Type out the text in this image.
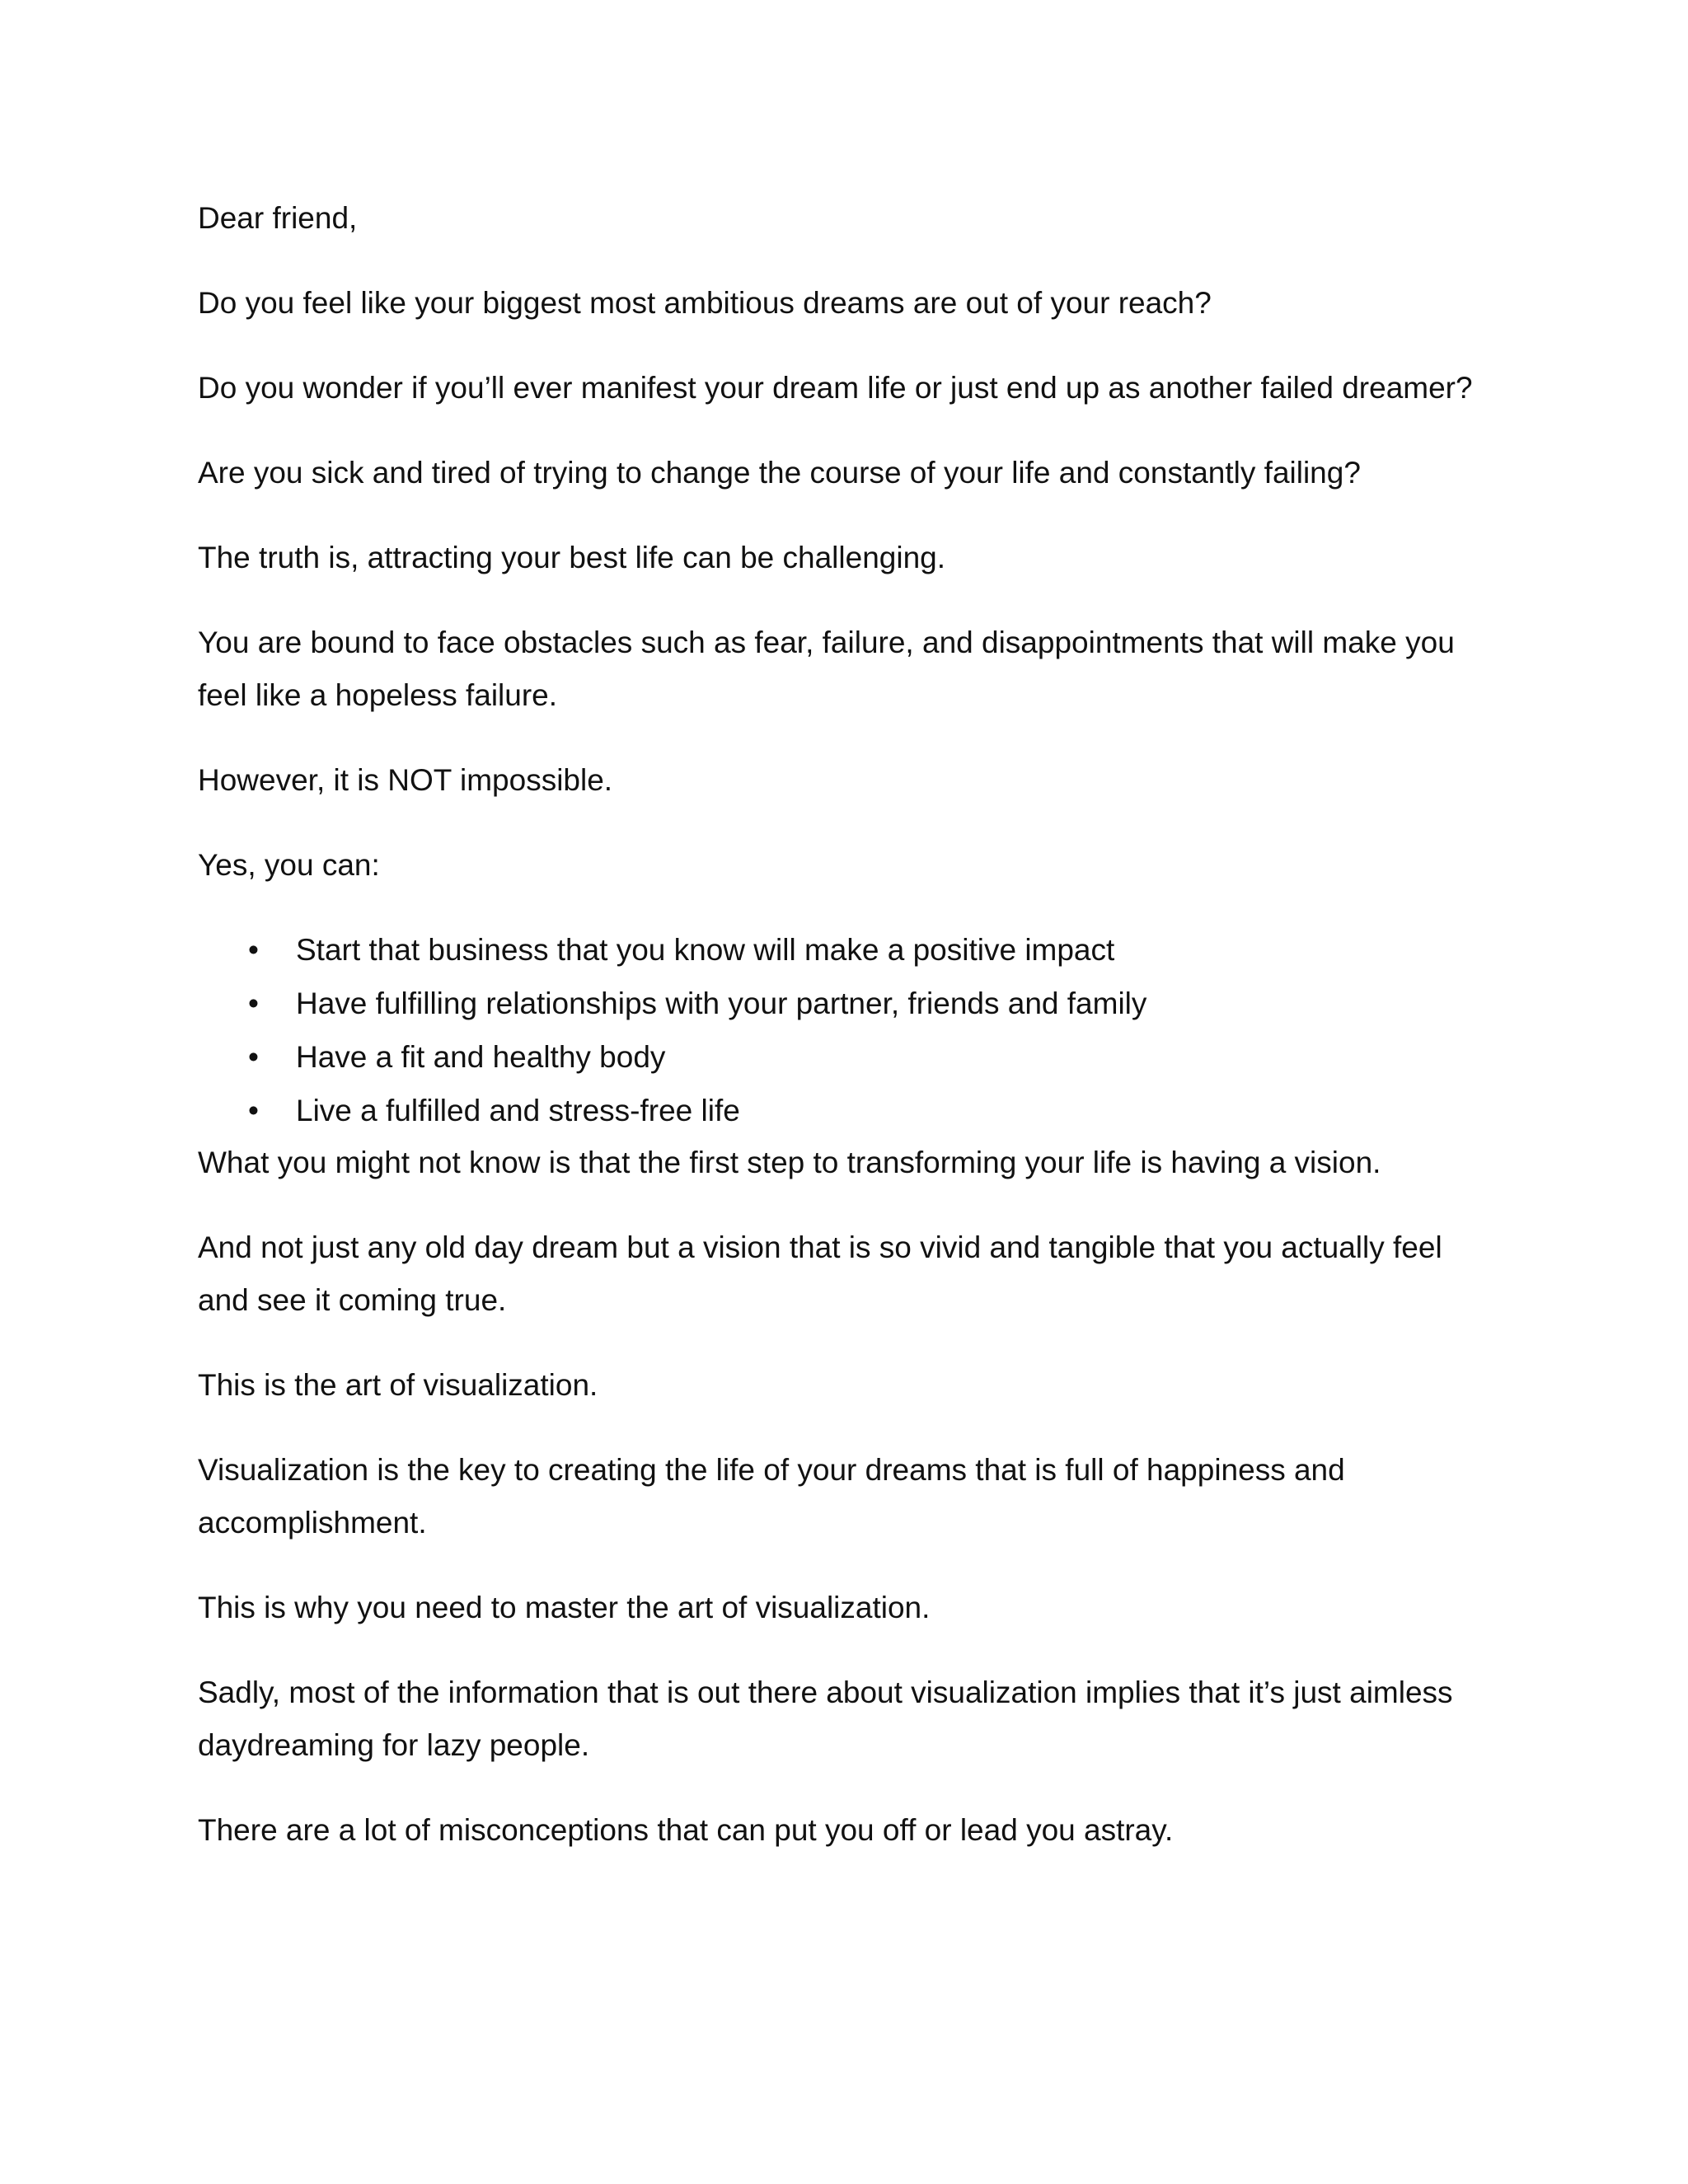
Dear friend,

Do you feel like your biggest most ambitious dreams are out of your reach?

Do you wonder if you’ll ever manifest your dream life or just end up as another failed dreamer?

Are you sick and tired of trying to change the course of your life and constantly failing?

The truth is, attracting your best life can be challenging.

You are bound to face obstacles such as fear, failure, and disappointments that will make you feel like a hopeless failure.

However, it is NOT impossible.

Yes, you can:

• Start that business that you know will make a positive impact
• Have fulfilling relationships with your partner, friends and family
• Have a fit and healthy body
• Live a fulfilled and stress-free life

What you might not know is that the first step to transforming your life is having a vision.

And not just any old day dream but a vision that is so vivid and tangible that you actually feel and see it coming true.

This is the art of visualization.

Visualization is the key to creating the life of your dreams that is full of happiness and accomplishment.

This is why you need to master the art of visualization.

Sadly, most of the information that is out there about visualization implies that it’s just aimless daydreaming for lazy people.

There are a lot of misconceptions that can put you off or lead you astray.
